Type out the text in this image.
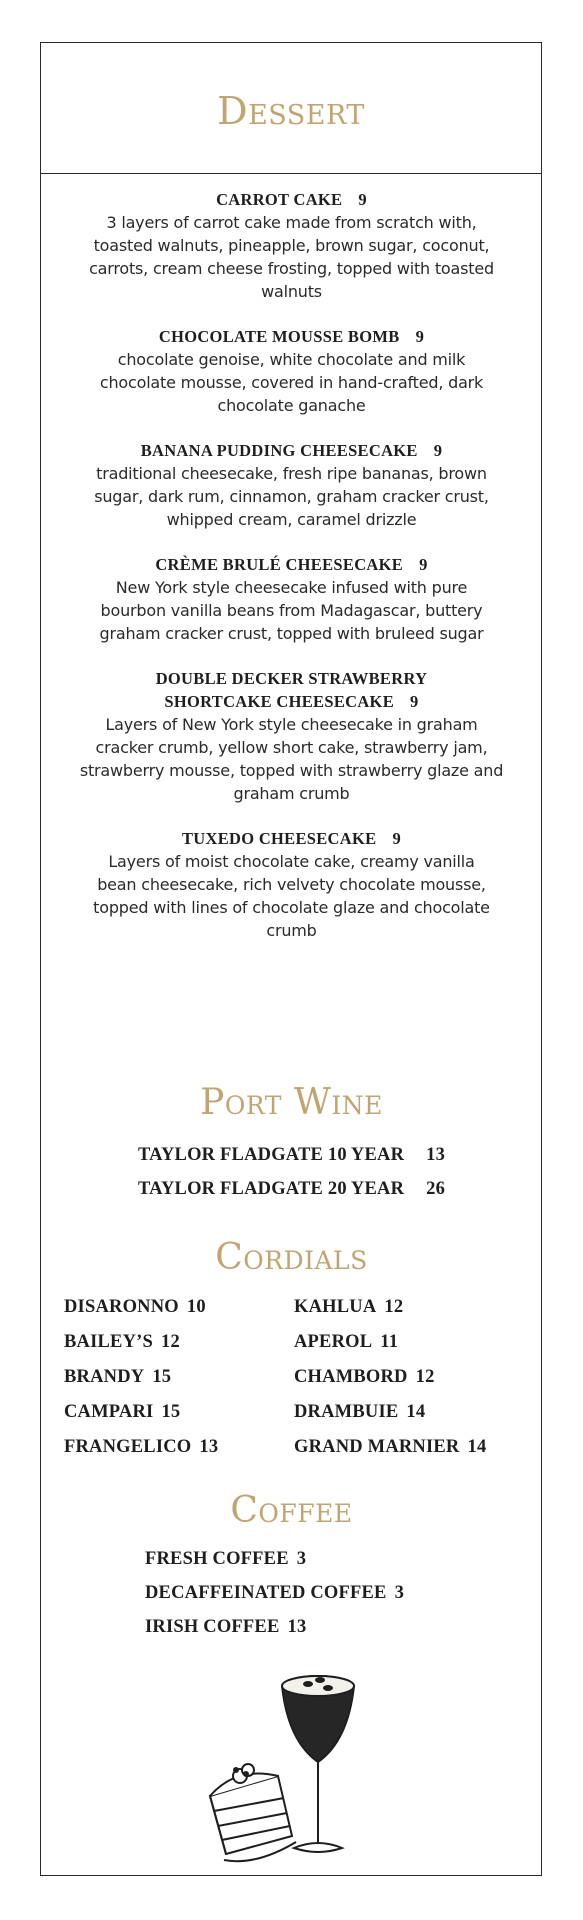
Dessert
CARROT CAKE 9
3 layers of carrot cake made from scratch with, toasted walnuts, pineapple, brown sugar, coconut, carrots, cream cheese frosting, topped with toasted walnuts
CHOCOLATE MOUSSE BOMB 9
chocolate genoise, white chocolate and milk chocolate mousse, covered in hand-crafted, dark chocolate ganache
BANANA PUDDING CHEESECAKE 9
traditional cheesecake, fresh ripe bananas, brown sugar, dark rum, cinnamon, graham cracker crust, whipped cream, caramel drizzle
CRÈME BRULÉ CHEESECAKE 9
New York style cheesecake infused with pure bourbon vanilla beans from Madagascar, buttery graham cracker crust, topped with bruleed sugar
DOUBLE DECKER STRAWBERRY SHORTCAKE CHEESECAKE 9
Layers of New York style cheesecake in graham cracker crumb, yellow short cake, strawberry jam, strawberry mousse, topped with strawberry glaze and graham crumb
TUXEDO CHEESECAKE 9
Layers of moist chocolate cake, creamy vanilla bean cheesecake, rich velvety chocolate mousse, topped with lines of chocolate glaze and chocolate crumb
Port Wine
TAYLOR FLADGATE 10 YEAR 13
TAYLOR FLADGATE 20 YEAR 26
Cordials
DISARONNO 10	KAHLUA 12
BAILEY’S 12	APEROL 11
BRANDY 15	CHAMBORD 12
CAMPARI 15	DRAMBUIE 14
FRANGELICO 13	GRAND MARNIER 14
Coffee
FRESH COFFEE 3
DECAFFEINATED COFFEE 3
IRISH COFFEE 13
